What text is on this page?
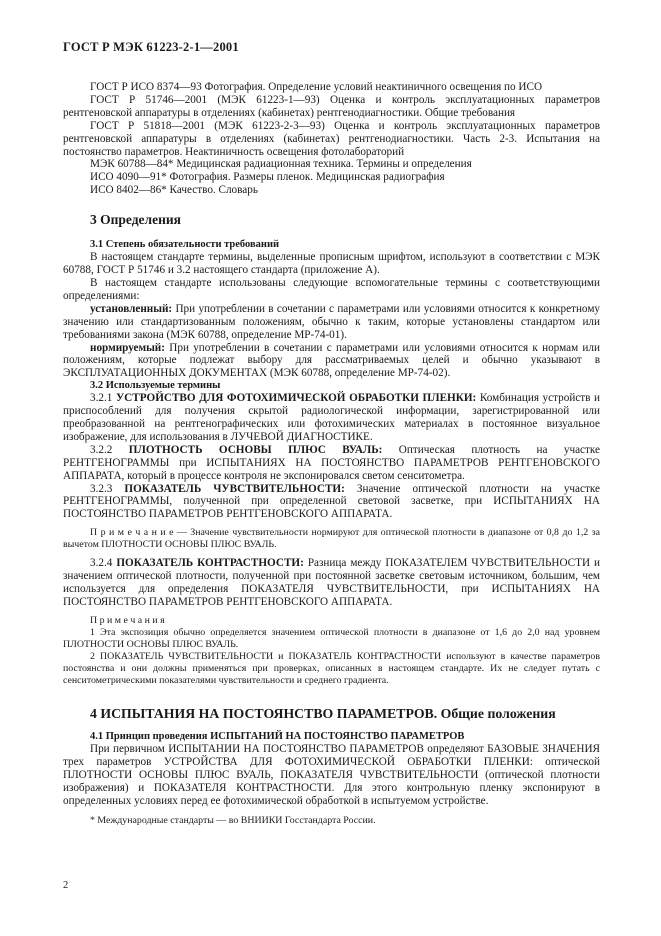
ГОСТ Р МЭК 61223-2-1—2001

ГОСТ Р ИСО 8374—93 Фотография. Определение условий неактиничного освещения по ИСО

ГОСТ Р 51746—2001 (МЭК 61223-1—93) Оценка и контроль эксплуатационных параметров рентгеновской аппаратуры в отделениях (кабинетах) рентгенодиагностики. Общие требования

ГОСТ Р 51818—2001 (МЭК 61223-2-3—93) Оценка и контроль эксплуатационных параметров рентгеновской аппаратуры в отделениях (кабинетах) рентгенодиагностики. Часть 2-3. Испытания на постоянство параметров. Неактиничность освещения фотолабораторий

МЭК 60788—84* Медицинская радиационная техника. Термины и определения

ИСО 4090—91* Фотография. Размеры пленок. Медицинская радиография

ИСО 8402—86* Качество. Словарь

3 Определения
3.1 Степень обязательности требований

В настоящем стандарте термины, выделенные прописным шрифтом, используют в соответствии с МЭК 60788, ГОСТ Р 51746 и 3.2 настоящего стандарта (приложение А).

В настоящем стандарте использованы следующие вспомогательные термины с соответствующими определениями:

установленный: При употреблении в сочетании с параметрами или условиями относится к конкретному значению или стандартизованным положениям, обычно к таким, которые установлены стандартом или требованиями закона (МЭК 60788, определение МР-74-01).

нормируемый: При употреблении в сочетании с параметрами или условиями относится к нормам или положениям, которые подлежат выбору для рассматриваемых целей и обычно указывают в ЭКСПЛУАТАЦИОННЫХ ДОКУМЕНТАХ (МЭК 60788, определение МР-74-02).

3.2 Используемые термины

3.2.1 УСТРОЙСТВО ДЛЯ ФОТОХИМИЧЕСКОЙ ОБРАБОТКИ ПЛЕНКИ: Комбинация устройств и приспособлений для получения скрытой радиологической информации, зарегистрированной или преобразованной на рентгенографических или фотохимических материалах в постоянное визуальное изображение, для использования в ЛУЧЕВОЙ ДИАГНОСТИКЕ.

3.2.2 ПЛОТНОСТЬ ОСНОВЫ ПЛЮС ВУАЛЬ: Оптическая плотность на участке РЕНТГЕНОГРАММЫ при ИСПЫТАНИЯХ НА ПОСТОЯНСТВО ПАРАМЕТРОВ РЕНТГЕНОВСКОГО АППАРАТА, который в процессе контроля не экспонировался светом сенситометра.

3.2.3 ПОКАЗАТЕЛЬ ЧУВСТВИТЕЛЬНОСТИ: Значение оптической плотности на участке РЕНТГЕНОГРАММЫ, полученной при определенной световой засветке, при ИСПЫТАНИЯХ НА ПОСТОЯНСТВО ПАРАМЕТРОВ РЕНТГЕНОВСКОГО АППАРАТА.

П р и м е ч а н и е — Значение чувствительности нормируют для оптической плотности в диапазоне от 0,8 до 1,2 за вычетом ПЛОТНОСТИ ОСНОВЫ ПЛЮС ВУАЛЬ.

3.2.4 ПОКАЗАТЕЛЬ КОНТРАСТНОСТИ: Разница между ПОКАЗАТЕЛЕМ ЧУВСТВИТЕЛЬНОСТИ и значением оптической плотности, полученной при постоянной засветке световым источником, большим, чем используется для определения ПОКАЗАТЕЛЯ ЧУВСТВИТЕЛЬНОСТИ, при ИСПЫТАНИЯХ НА ПОСТОЯНСТВО ПАРАМЕТРОВ РЕНТГЕНОВСКОГО АППАРАТА.

П р и м е ч а н и я

1 Эта экспозиция обычно определяется значением оптической плотности в диапазоне от 1,6 до 2,0 над уровнем ПЛОТНОСТИ ОСНОВЫ ПЛЮС ВУАЛЬ.

2 ПОКАЗАТЕЛЬ ЧУВСТВИТЕЛЬНОСТИ и ПОКАЗАТЕЛЬ КОНТРАСТНОСТИ используют в качестве параметров постоянства и они должны применяться при проверках, описанных в настоящем стандарте. Их не следует путать с сенситометрическими показателями чувствительности и среднего градиента.

4 ИСПЫТАНИЯ НА ПОСТОЯНСТВО ПАРАМЕТРОВ. Общие положения
4.1 Принцип проведения ИСПЫТАНИЙ НА ПОСТОЯНСТВО ПАРАМЕТРОВ

При первичном ИСПЫТАНИИ НА ПОСТОЯНСТВО ПАРАМЕТРОВ определяют БАЗОВЫЕ ЗНАЧЕНИЯ трех параметров УСТРОЙСТВА ДЛЯ ФОТОХИМИЧЕСКОЙ ОБРАБОТКИ ПЛЕНКИ: оптической ПЛОТНОСТИ ОСНОВЫ ПЛЮС ВУАЛЬ, ПОКАЗАТЕЛЯ ЧУВСТВИТЕЛЬНОСТИ (оптической плотности изображения) и ПОКАЗАТЕЛЯ КОНТРАСТНОСТИ. Для этого контрольную пленку экспонируют в определенных условиях перед ее фотохимической обработкой в испытуемом устройстве.

* Международные стандарты — во ВНИИКИ Госстандарта России.

2
